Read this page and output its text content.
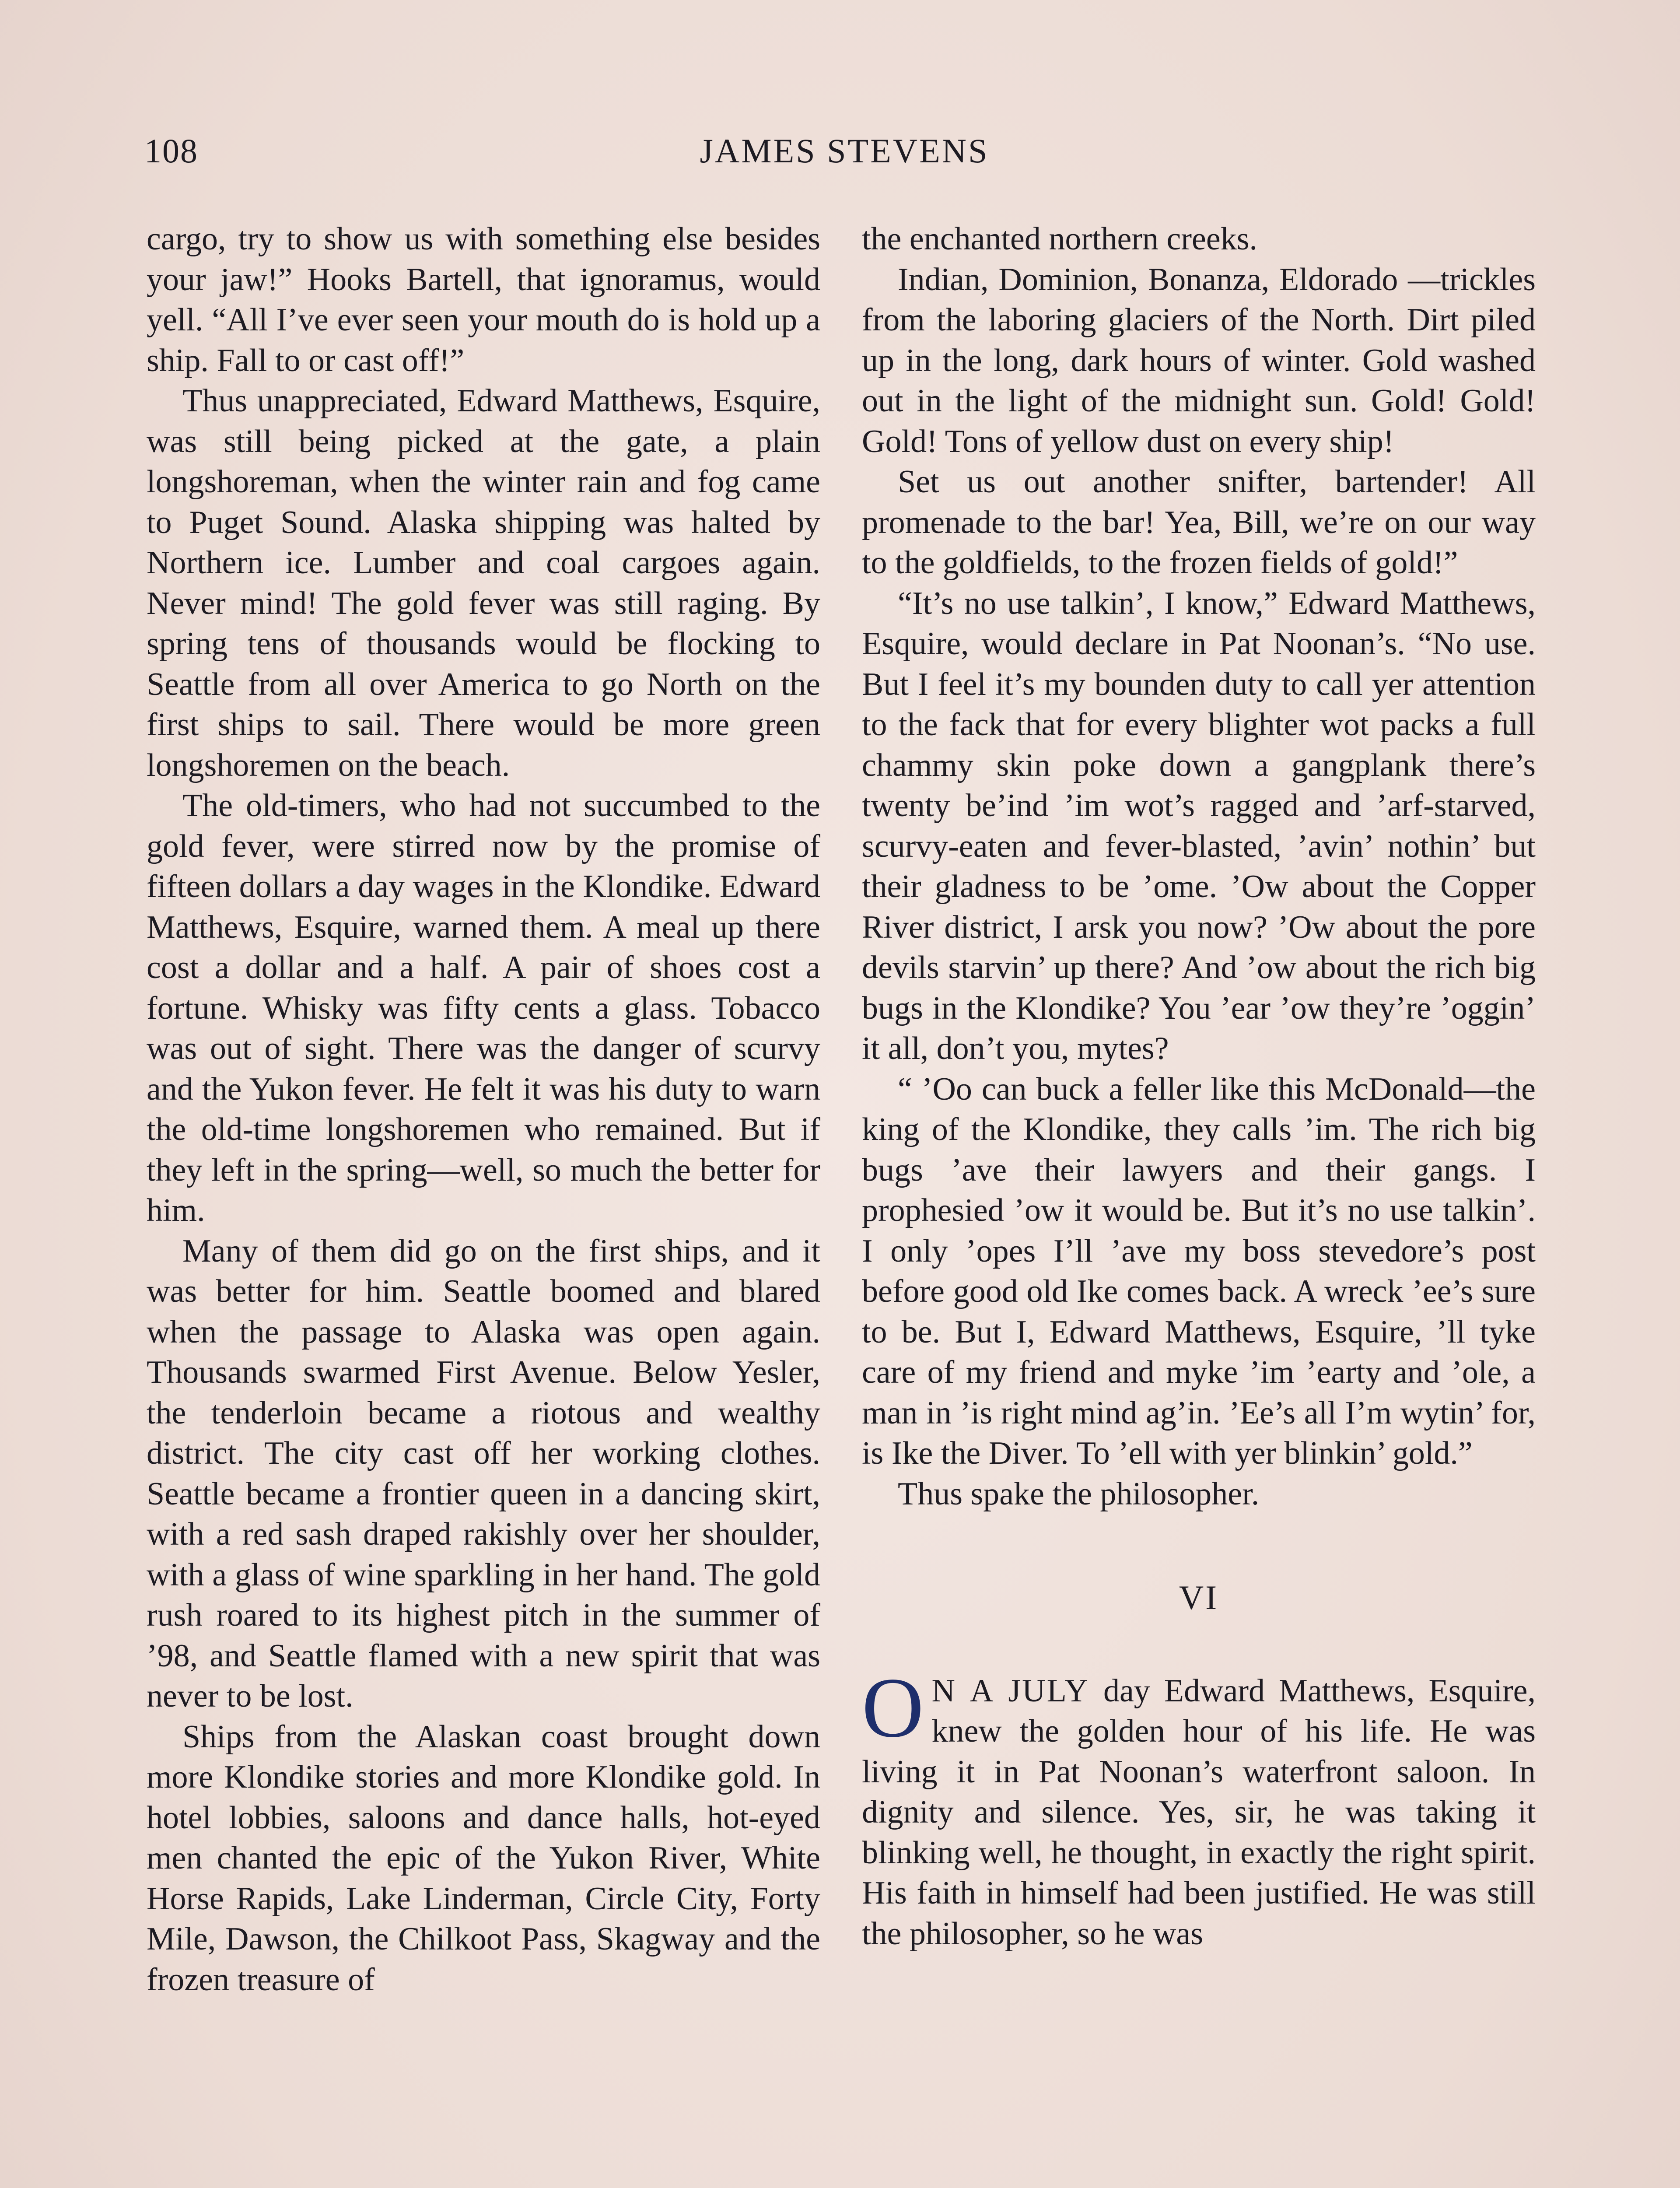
108	JAMES STEVENS

cargo, try to show us with something else besides your jaw!” Hooks Bartell, that ignoramus, would yell. “All I’ve ever seen your mouth do is hold up a ship. Fall to or cast off!”

Thus unappreciated, Edward Matthews, Esquire, was still being picked at the gate, a plain longshoreman, when the winter rain and fog came to Puget Sound. Alaska shipping was halted by Northern ice. Lumber and coal cargoes again. Never mind! The gold fever was still raging. By spring tens of thousands would be flocking to Seattle from all over America to go North on the first ships to sail. There would be more green longshoremen on the beach.

The old-timers, who had not succumbed to the gold fever, were stirred now by the promise of fifteen dollars a day wages in the Klondike. Edward Matthews, Esquire, warned them. A meal up there cost a dollar and a half. A pair of shoes cost a fortune. Whisky was fifty cents a glass. Tobacco was out of sight. There was the danger of scurvy and the Yukon fever. He felt it was his duty to warn the old-time longshoremen who remained. But if they left in the spring—well, so much the better for him.

Many of them did go on the first ships, and it was better for him. Seattle boomed and blared when the passage to Alaska was open again. Thousands swarmed First Avenue. Below Yesler, the tenderloin became a riotous and wealthy district. The city cast off her working clothes. Seattle became a frontier queen in a dancing skirt, with a red sash draped rakishly over her shoulder, with a glass of wine sparkling in her hand. The gold rush roared to its highest pitch in the summer of ’98, and Seattle flamed with a new spirit that was never to be lost.

Ships from the Alaskan coast brought down more Klondike stories and more Klondike gold. In hotel lobbies, saloons and dance halls, hot-eyed men chanted the epic of the Yukon River, White Horse Rapids, Lake Linderman, Circle City, Forty Mile, Dawson, the Chilkoot Pass, Skagway and the frozen treasure of

the enchanted northern creeks.

Indian, Dominion, Bonanza, Eldorado —trickles from the laboring glaciers of the North. Dirt piled up in the long, dark hours of winter. Gold washed out in the light of the midnight sun. Gold! Gold! Gold! Tons of yellow dust on every ship!

Set us out another snifter, bartender! All promenade to the bar! Yea, Bill, we’re on our way to the goldfields, to the frozen fields of gold!”

“It’s no use talkin’, I know,” Edward Matthews, Esquire, would declare in Pat Noonan’s. “No use. But I feel it’s my bounden duty to call yer attention to the fack that for every blighter wot packs a full chammy skin poke down a gangplank there’s twenty be’ind ’im wot’s ragged and ’arf-starved, scurvy-eaten and fever-blasted, ’avin’ nothin’ but their gladness to be ’ome. ’Ow about the Copper River district, I arsk you now? ’Ow about the pore devils starvin’ up there? And ’ow about the rich big bugs in the Klondike? You ’ear ’ow they’re ’oggin’ it all, don’t you, mytes?

“ ’Oo can buck a feller like this McDonald—the king of the Klondike, they calls ’im. The rich big bugs ’ave their lawyers and their gangs. I prophesied ’ow it would be. But it’s no use talkin’. I only ’opes I’ll ’ave my boss stevedore’s post before good old Ike comes back. A wreck ’ee’s sure to be. But I, Edward Matthews, Esquire, ’ll tyke care of my friend and myke ’im ’earty and ’ole, a man in ’is right mind ag’in. ’Ee’s all I’m wytin’ for, is Ike the Diver. To ’ell with yer blinkin’ gold.”

Thus spake the philosopher.

VI

O N A JULY day Edward Matthews, Esquire, knew the golden hour of his life. He was living it in Pat Noonan’s waterfront saloon. In dignity and silence. Yes, sir, he was taking it blinking well, he thought, in exactly the right spirit. His faith in himself had been justified. He was still the philosopher, so he was
